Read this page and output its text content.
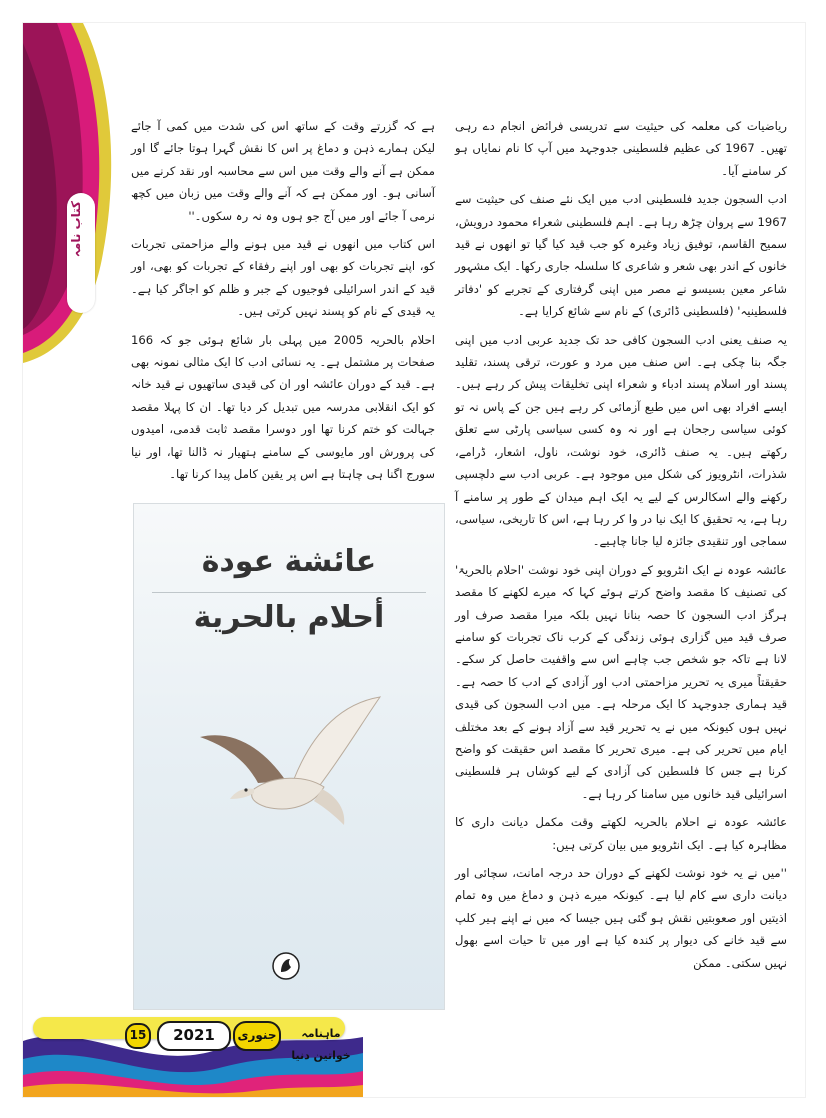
کتاب نامہ

ریاضیات کی معلمہ کی حیثیت سے تدریسی فرائض انجام دے رہی تھیں۔ 1967 کی عظیم فلسطینی جدوجہد میں آپ کا نام نمایاں ہو کر سامنے آیا۔

ادب السجون جدید فلسطینی ادب میں ایک نئے صنف کی حیثیت سے 1967 سے پروان چڑھ رہا ہے۔ اہم فلسطینی شعراء محمود درویش، سمیح القاسم، توفیق زیاد وغیرہ کو جب قید کیا گیا تو انھوں نے قید خانوں کے اندر بھی شعر و شاعری کا سلسلہ جاری رکھا۔ ایک مشہور شاعر معین بسیسو نے مصر میں اپنی گرفتاری کے تجربے کو 'دفاتر فلسطینیہ' (فلسطینی ڈائری) کے نام سے شائع کرایا ہے۔

یہ صنف یعنی ادب السجون کافی حد تک جدید عربی ادب میں اپنی جگہ بنا چکی ہے۔ اس صنف میں مرد و عورت، ترقی پسند، تقلید پسند اور اسلام پسند ادباء و شعراء اپنی تخلیقات پیش کر رہے ہیں۔ ایسے افراد بھی اس میں طبع آزمائی کر رہے ہیں جن کے پاس نہ تو کوئی سیاسی رجحان ہے اور نہ وہ کسی سیاسی پارٹی سے تعلق رکھتے ہیں۔ یہ صنف ڈائری، خود نوشت، ناول، اشعار، ڈرامے، شذرات، انٹرویوز کی شکل میں موجود ہے۔ عربی ادب سے دلچسپی رکھنے والے اسکالرس کے لیے یہ ایک اہم میدان کے طور پر سامنے آ رہا ہے، یہ تحقیق کا ایک نیا در وا کر رہا ہے، اس کا تاریخی، سیاسی، سماجی اور تنقیدی جائزہ لیا جانا چاہیے۔

عائشہ عودہ نے ایک انٹرویو کے دوران اپنی خود نوشت 'احلام بالحریۃ' کی تصنیف کا مقصد واضح کرتے ہوئے کہا کہ میرے لکھنے کا مقصد ہرگز ادب السجون کا حصہ بنانا نہیں بلکہ میرا مقصد صرف اور صرف قید میں گزاری ہوئی زندگی کے کرب ناک تجربات کو سامنے لانا ہے تاکہ جو شخص جب چاہے اس سے واقفیت حاصل کر سکے۔ حقیقتاً میری یہ تحریر مزاحمتی ادب اور آزادی کے ادب کا حصہ ہے۔ قید ہماری جدوجہد کا ایک مرحلہ ہے۔ میں ادب السجون کی قیدی نہیں ہوں کیونکہ میں نے یہ تحریر قید سے آزاد ہونے کے بعد مختلف ایام میں تحریر کی ہے۔ میری تحریر کا مقصد اس حقیقت کو واضح کرنا ہے جس کا فلسطین کی آزادی کے لیے کوشاں ہر فلسطینی اسرائیلی قید خانوں میں سامنا کر رہا ہے۔

عائشہ عودہ نے احلام بالحریہ لکھتے وقت مکمل دیانت داری کا مظاہرہ کیا ہے۔ ایک انٹرویو میں بیان کرتی ہیں:

''میں نے یہ خود نوشت لکھنے کے دوران حد درجہ امانت، سچائی اور دیانت داری سے کام لیا ہے۔ کیونکہ میرے ذہن و دماغ میں وہ تمام اذیتیں اور صعوبتیں نقش ہو گئی ہیں جیسا کہ میں نے اپنے ہیر کلپ سے قید خانے کی دیوار پر کندہ کیا ہے اور میں تا حیات اسے بھول نہیں سکتی۔ ممکن

ہے کہ گزرتے وقت کے ساتھ اس کی شدت میں کمی آ جائے لیکن ہمارے ذہن و دماغ پر اس کا نقش گہرا ہوتا جائے گا اور ممکن ہے آنے والے وقت میں اس سے محاسبہ اور نقد کرنے میں آسانی ہو۔ اور ممکن ہے کہ آنے والے وقت میں زبان میں کچھ نرمی آ جائے اور میں آج جو ہوں وہ نہ رہ سکوں۔''

اس کتاب میں انھوں نے قید میں ہونے والے مزاحمتی تجربات کو، اپنے تجربات کو بھی اور اپنے رفقاء کے تجربات کو بھی، اور قید کے اندر اسرائیلی فوجیوں کے جبر و ظلم کو اجاگر کیا ہے۔ یہ قیدی کے نام کو پسند نہیں کرتی ہیں۔

احلام بالحریہ 2005 میں پہلی بار شائع ہوئی جو کہ 166 صفحات پر مشتمل ہے۔ یہ نسائی ادب کا ایک مثالی نمونہ بھی ہے۔ قید کے دوران عائشہ اور ان کی قیدی ساتھیوں نے قید خانہ کو ایک انقلابی مدرسہ میں تبدیل کر دیا تھا۔ ان کا پہلا مقصد جہالت کو ختم کرنا تھا اور دوسرا مقصد ثابت قدمی، امیدوں کی پرورش اور مایوسی کے سامنے ہتھیار نہ ڈالنا تھا، اور نیا سورج اگنا ہی چاہتا ہے اس پر یقین کامل پیدا کرنا تھا۔

عائشة عودة
أحلام بالحرية
15	2021	جنوری	ماہنامہ خواتین دنیا
